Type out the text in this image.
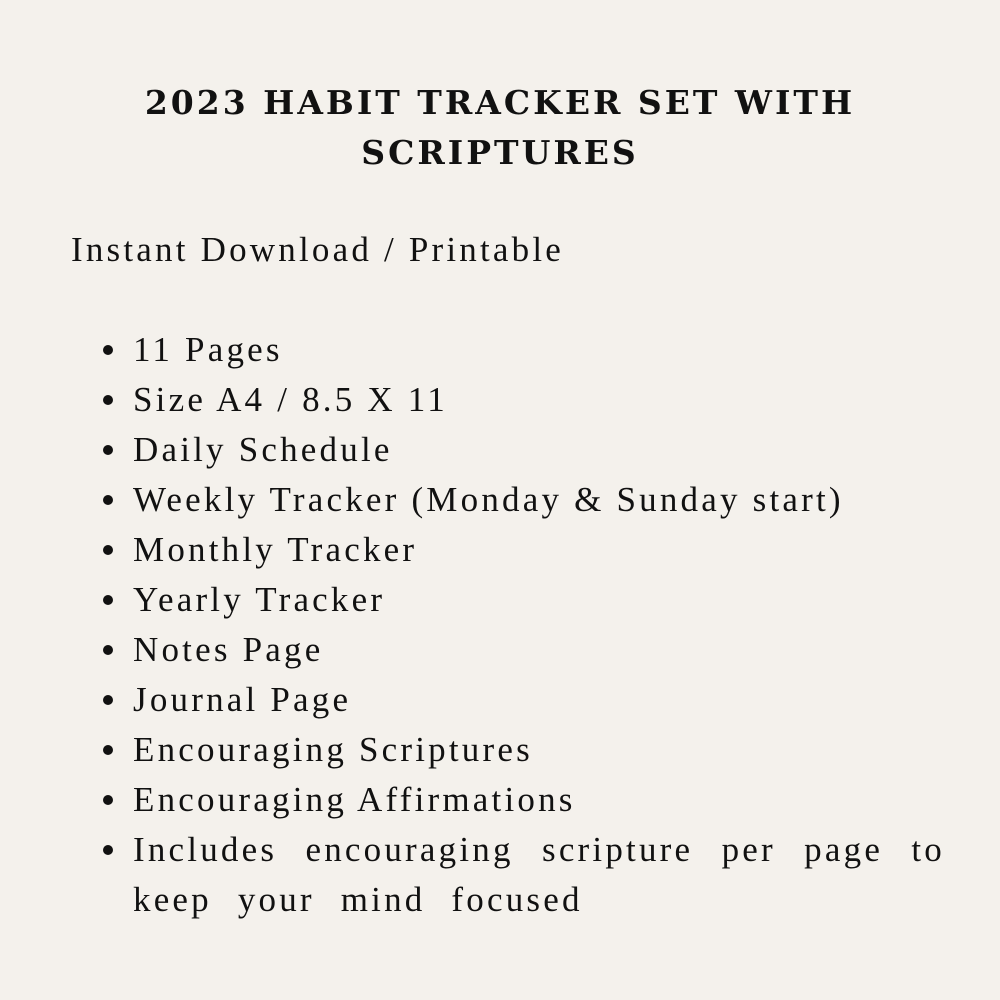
2023 HABIT TRACKER SET WITH
SCRIPTURES

Instant Download / Printable

11 Pages
Size A4 / 8.5 X 11
Daily Schedule
Weekly Tracker (Monday & Sunday start)
Monthly Tracker
Yearly Tracker
Notes Page
Journal Page
Encouraging Scriptures
Encouraging Affirmations
Includes encouraging scripture per page to keep your mind focused
